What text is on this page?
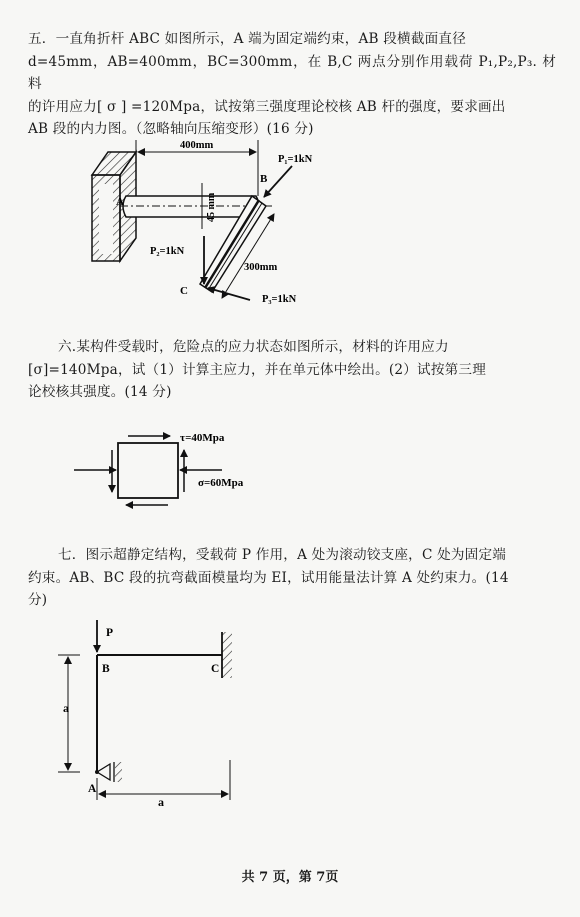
五．一直角折杆 ABC 如图所示，A 端为固定端约束，AB 段横截面直径
d=45mm，AB=400mm，BC=300mm，在 B,C 两点分别作用载荷 P₁,P₂,P₃. 材料
的许用应力[ σ ] =120Mpa，试按第三强度理论校核 AB 杆的强度，要求画出
AB 段的内力图。（忽略轴向压缩变形）(16 分)
六.某构件受载时，危险点的应力状态如图所示，材料的许用应力
[σ]=140Mpa，试（1）计算主应力，并在单元体中绘出。(2）试按第三理
论校核其强度。(14 分)
七．图示超静定结构，受载荷 P 作用，A 处为滚动铰支座，C 处为固定端
约束。AB、BC 段的抗弯截面模量均为 EI，试用能量法计算 A 处约束力。(14
分)
400mm
45 mm
300mm
A
B
C
P₁=1kN
P₂=1kN
P₃=1kN
τ=40Mpa
σ=60Mpa
P
B	C
A
a
a
共 7 页，第 7页
